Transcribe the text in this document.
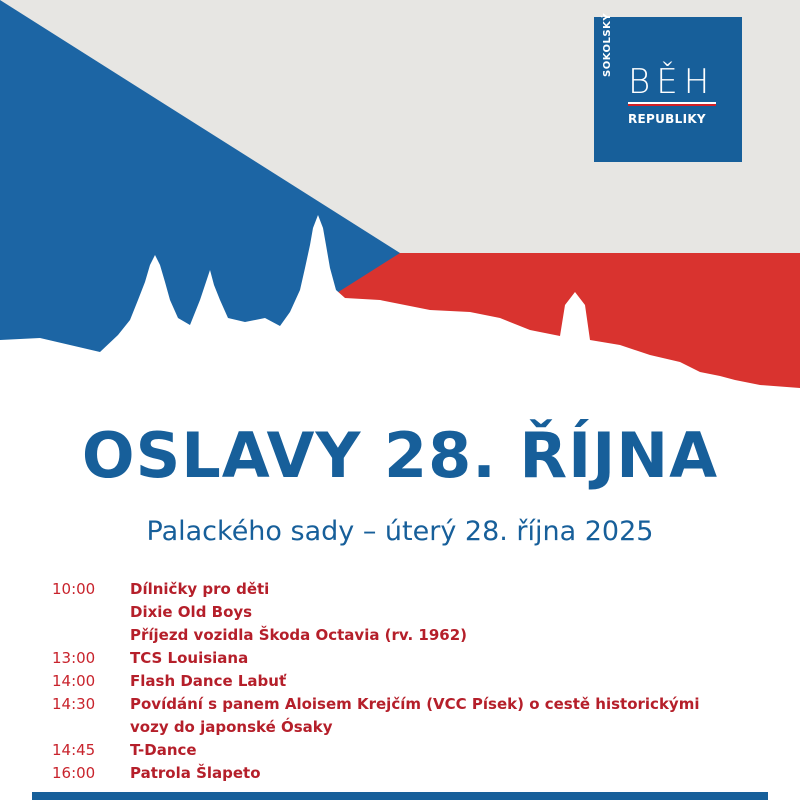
SOKOLSKÝ
BĚH
REPUBLIKY
OSLAVY 28. ŘÍJNA
Palackého sady – úterý 28. října 2025
10:00	Dílničky pro děti
Dixie Old Boys
Příjezd vozidla Škoda Octavia (rv. 1962)
13:00	TCS Louisiana
14:00	Flash Dance Labuť
14:30	Povídání s panem Aloisem Krejčím (VCC Písek) o cestě historickými
vozy do japonské Ósaky
14:45	T-Dance
16:00	Patrola Šlapeto
